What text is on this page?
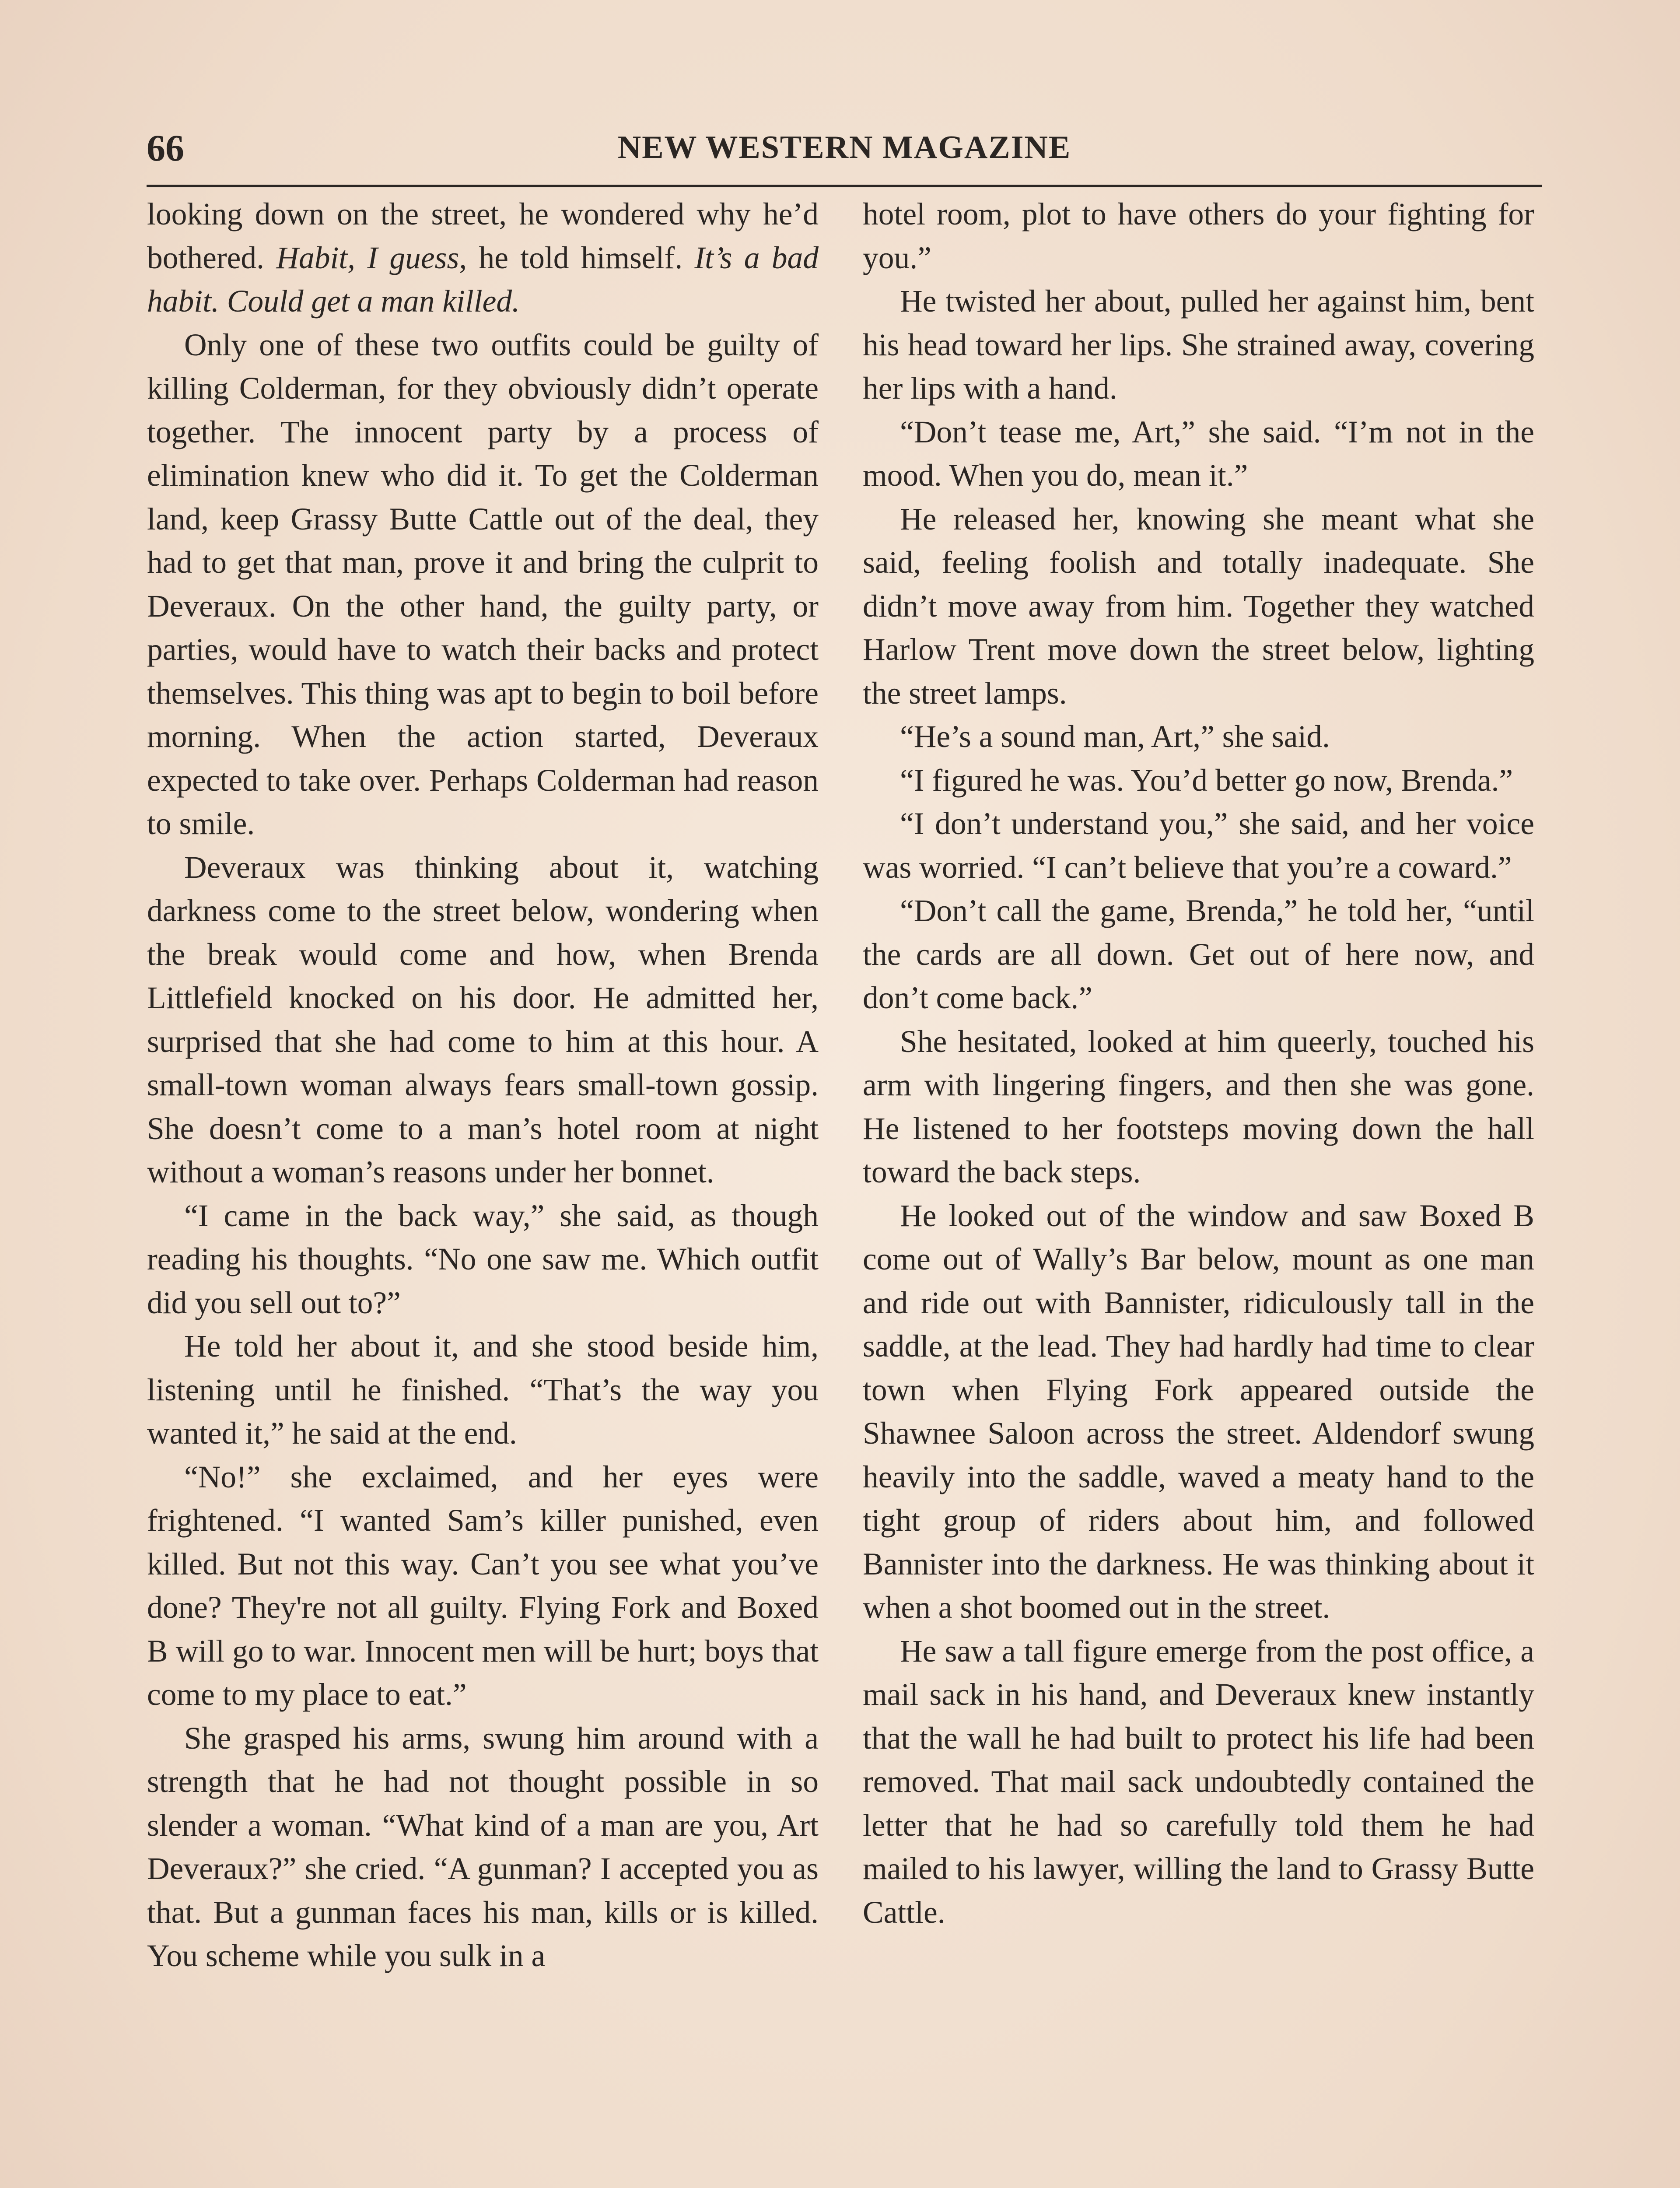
66	NEW WESTERN MAGAZINE

looking down on the street, he wondered why he’d bothered. Habit, I guess, he told himself. It’s a bad habit. Could get a man killed.

Only one of these two outfits could be guilty of killing Colderman, for they obviously didn’t operate together. The innocent party by a process of elimination knew who did it. To get the Colderman land, keep Grassy Butte Cattle out of the deal, they had to get that man, prove it and bring the culprit to Deveraux. On the other hand, the guilty party, or parties, would have to watch their backs and protect themselves. This thing was apt to begin to boil before morning. When the action started, Deveraux expected to take over. Perhaps Colderman had reason to smile.

Deveraux was thinking about it, watching darkness come to the street below, wondering when the break would come and how, when Brenda Littlefield knocked on his door. He admitted her, surprised that she had come to him at this hour. A small-town woman always fears small-town gossip. She doesn’t come to a man’s hotel room at night without a woman’s reasons under her bonnet.

“I came in the back way,” she said, as though reading his thoughts. “No one saw me. Which outfit did you sell out to?”

He told her about it, and she stood beside him, listening until he finished. “That’s the way you wanted it,” he said at the end.

“No!” she exclaimed, and her eyes were frightened. “I wanted Sam’s killer punished, even killed. But not this way. Can’t you see what you’ve done? They're not all guilty. Flying Fork and Boxed B will go to war. Innocent men will be hurt; boys that come to my place to eat.”

She grasped his arms, swung him around with a strength that he had not thought possible in so slender a woman. “What kind of a man are you, Art Deveraux?” she cried. “A gunman? I accepted you as that. But a gunman faces his man, kills or is killed. You scheme while you sulk in a

hotel room, plot to have others do your fighting for you.”

He twisted her about, pulled her against him, bent his head toward her lips. She strained away, covering her lips with a hand.

“Don’t tease me, Art,” she said. “I’m not in the mood. When you do, mean it.”

He released her, knowing she meant what she said, feeling foolish and totally inadequate. She didn’t move away from him. Together they watched Harlow Trent move down the street below, lighting the street lamps.

“He’s a sound man, Art,” she said.

“I figured he was. You’d better go now, Brenda.”

“I don’t understand you,” she said, and her voice was worried. “I can’t believe that you’re a coward.”

“Don’t call the game, Brenda,” he told her, “until the cards are all down. Get out of here now, and don’t come back.”

She hesitated, looked at him queerly, touched his arm with lingering fingers, and then she was gone. He listened to her footsteps moving down the hall toward the back steps.

He looked out of the window and saw Boxed B come out of Wally’s Bar below, mount as one man and ride out with Bannister, ridiculously tall in the saddle, at the lead. They had hardly had time to clear town when Flying Fork appeared outside the Shawnee Saloon across the street. Aldendorf swung heavily into the saddle, waved a meaty hand to the tight group of riders about him, and followed Bannister into the darkness. He was thinking about it when a shot boomed out in the street.

He saw a tall figure emerge from the post office, a mail sack in his hand, and Deveraux knew instantly that the wall he had built to protect his life had been removed. That mail sack undoubtedly contained the letter that he had so carefully told them he had mailed to his lawyer, willing the land to Grassy Butte Cattle.
